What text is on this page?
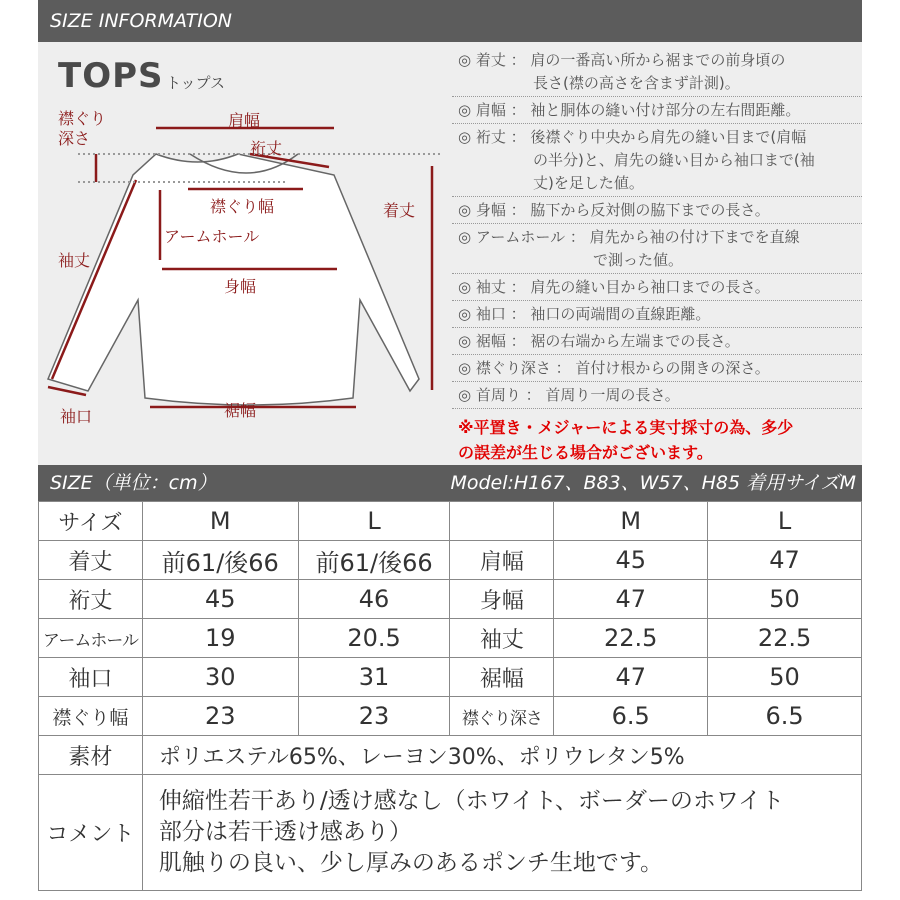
SIZE INFORMATION
TOPS トップス
襟ぐり
深さ
肩幅
裄丈
襟ぐり幅	着丈
アームホール
袖丈
身幅
袖口	裾幅
◎ 着丈 ： 肩の一番高い所から裾までの前身頃の
　　　　　長さ(襟の高さを含まず計測)。
◎ 肩幅 ： 袖と胴体の縫い付け部分の左右間距離。
◎ 裄丈 ： 後襟ぐり中央から肩先の縫い目まで(肩幅
　　　　　の半分)と、肩先の縫い目から袖口まで(袖
　　　　　丈)を足した値。
◎ 身幅 ： 脇下から反対側の脇下までの長さ。
◎ アームホール ： 肩先から袖の付け下までを直線
　　　　　　　　　で測った値。
◎ 袖丈 ： 肩先の縫い目から袖口までの長さ。
◎ 袖口 ： 袖口の両端間の直線距離。
◎ 裾幅 ： 裾の右端から左端までの長さ。
◎ 襟ぐり深さ ： 首付け根からの開きの深さ。
◎ 首周り ： 首周り一周の長さ。
※平置き・メジャーによる実寸採寸の為、多少
の誤差が生じる場合がございます。
SIZE（単位：cm）	Model:H167、B83、W57、H85 着用サイズM
サイズ	M	L		M	L
着丈	前61/後66	前61/後66	肩幅	45	47
裄丈	45	46	身幅	47	50
アームホール	19	20.5	袖丈	22.5	22.5
袖口	30	31	裾幅	47	50
襟ぐり幅	23	23	襟ぐり深さ	6.5	6.5
素材	ポリエステル65%、レーヨン30%、ポリウレタン5%				
コメント	伸縮性若干あり/透け感なし（ホワイト、ボーダーのホワイト
部分は若干透け感あり）
肌触りの良い、少し厚みのあるポンチ生地です。				
